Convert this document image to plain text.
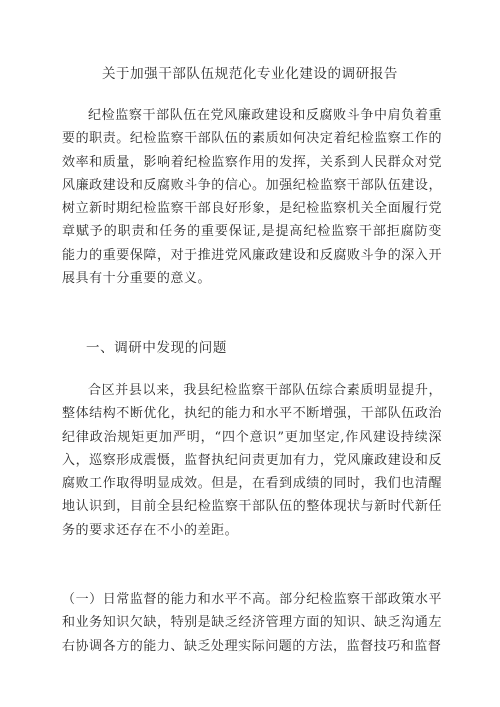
关于加强干部队伍规范化专业化建设的调研报告

纪检监察干部队伍在党风廉政建设和反腐败斗争中肩负着重要的职责。纪检监察干部队伍的素质如何决定着纪检监察工作的效率和质量，影响着纪检监察作用的发挥，关系到人民群众对党风廉政建设和反腐败斗争的信心。加强纪检监察干部队伍建设，树立新时期纪检监察干部良好形象，是纪检监察机关全面履行党章赋予的职责和任务的重要保证,是提高纪检监察干部拒腐防变能力的重要保障，对于推进党风廉政建设和反腐败斗争的深入开展具有十分重要的意义。

一、调研中发现的问题

合区并县以来，我县纪检监察干部队伍综合素质明显提升，整体结构不断优化，执纪的能力和水平不断增强，干部队伍政治纪律政治规矩更加严明，“四个意识”更加坚定,作风建设持续深入，巡察形成震慑，监督执纪问责更加有力，党风廉政建设和反腐败工作取得明显成效。但是，在看到成绩的同时，我们也清醒地认识到，目前全县纪检监察干部队伍的整体现状与新时代新任务的要求还存在不小的差距。

（一）日常监督的能力和水平不高。部分纪检监察干部政策水平和业务知识欠缺，特别是缺乏经济管理方面的知识、缺乏沟通左右协调各方的能力、缺乏处理实际问题的方法，监督技巧和监督
